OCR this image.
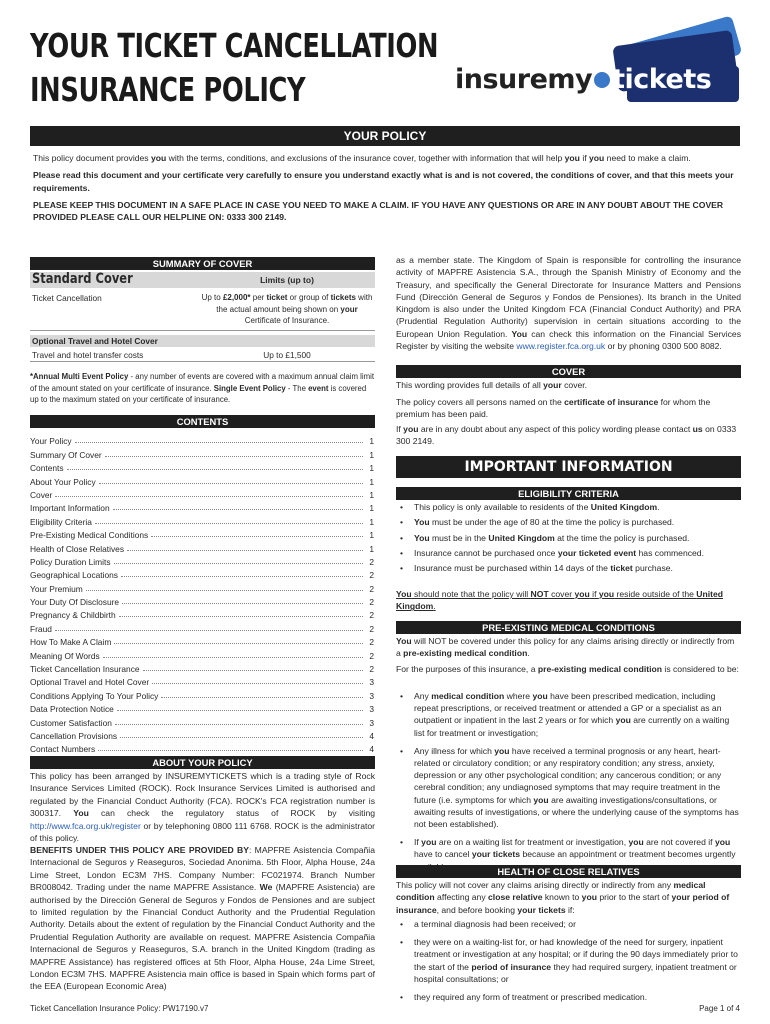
YOUR TICKET CANCELLATION
INSURANCE POLICY	insuremy tickets
YOUR POLICY
This policy document provides you with the terms, conditions, and exclusions of the insurance cover, together with information that will help you if you need to make a claim.
Please read this document and your certificate very carefully to ensure you understand exactly what is and is not covered, the conditions of cover, and that this meets your requirements.
PLEASE KEEP THIS DOCUMENT IN A SAFE PLACE IN CASE YOU NEED TO MAKE A CLAIM. IF YOU HAVE ANY QUESTIONS OR ARE IN ANY DOUBT ABOUT THE COVER PROVIDED PLEASE CALL OUR HELPLINE ON: 0333 300 2149.
SUMMARY OF COVER
Standard Cover	Limits (up to)
Ticket Cancellation	Up to £2,000* per ticket or group of tickets with the actual amount being shown on your Certificate of Insurance.
Optional Travel and Hotel Cover
Travel and hotel transfer costs	Up to £1,500
*Annual Multi Event Policy - any number of events are covered with a maximum annual claim limit of the amount stated on your certificate of insurance. Single Event Policy - The event is covered up to the maximum stated on your certificate of insurance.
CONTENTS
Your Policy	1
Summary Of Cover	1
Contents	1
About Your Policy	1
Cover	1
Important Information	1
Eligibility Criteria	1
Pre-Existing Medical Conditions	1
Health of Close Relatives	1
Policy Duration Limits	2
Geographical Locations	2
Your Premium	2
Your Duty Of Disclosure	2
Pregnancy & Childbirth	2
Fraud	2
How To Make A Claim	2
Meaning Of Words	2
Ticket Cancellation Insurance	2
Optional Travel and Hotel Cover	3
Conditions Applying To Your Policy	3
Data Protection Notice	3
Customer Satisfaction	3
Cancellation Provisions	4
Contact Numbers	4
ABOUT YOUR POLICY
This policy has been arranged by INSUREMYTICKETS which is a trading style of Rock Insurance Services Limited (ROCK). Rock Insurance Services Limited is authorised and regulated by the Financial Conduct Authority (FCA). ROCK's FCA registration number is 300317. You can check the regulatory status of ROCK by visiting http://www.fca.org.uk/register or by telephoning 0800 111 6768. ROCK is the administrator of this policy.
BENEFITS UNDER THIS POLICY ARE PROVIDED BY: MAPFRE Asistencia Compañia Internacional de Seguros y Reaseguros, Sociedad Anonima. 5th Floor, Alpha House, 24a Lime Street, London EC3M 7HS. Company Number: FC021974. Branch Number BR008042. Trading under the name MAPFRE Assistance. We (MAPFRE Asistencia) are authorised by the Dirección General de Seguros y Fondos de Pensiones and are subject to limited regulation by the Financial Conduct Authority and the Prudential Regulation Authority. Details about the extent of regulation by the Financial Conduct Authority and the Prudential Regulation Authority are available on request. MAPFRE Asistencia Compañia Internacional de Seguros y Reaseguros, S.A. branch in the United Kingdom (trading as MAPFRE Assistance) has registered offices at 5th Floor, Alpha House, 24a Lime Street, London EC3M 7HS. MAPFRE Asistencia main office is based in Spain which forms part of the EEA (European Economic Area)
as a member state. The Kingdom of Spain is responsible for controlling the insurance activity of MAPFRE Asistencia S.A., through the Spanish Ministry of Economy and the Treasury, and specifically the General Directorate for Insurance Matters and Pensions Fund (Dirección General de Seguros y Fondos de Pensiones). Its branch in the United Kingdom is also under the United Kingdom FCA (Financial Conduct Authority) and PRA (Prudential Regulation Authority) supervision in certain situations according to the European Union Regulation. You can check this information on the Financial Services Register by visiting the website www.register.fca.org.uk or by phoning 0300 500 8082.
COVER
This wording provides full details of all your cover.
The policy covers all persons named on the certificate of insurance for whom the premium has been paid.
If you are in any doubt about any aspect of this policy wording please contact us on 0333 300 2149.
IMPORTANT INFORMATION
ELIGIBILITY CRITERIA
• This policy is only available to residents of the United Kingdom.
• You must be under the age of 80 at the time the policy is purchased.
• You must be in the United Kingdom at the time the policy is purchased.
• Insurance cannot be purchased once your ticketed event has commenced.
• Insurance must be purchased within 14 days of the ticket purchase.
You should note that the policy will NOT cover you if you reside outside of the United Kingdom.
PRE-EXISTING MEDICAL CONDITIONS
You will NOT be covered under this policy for any claims arising directly or indirectly from a pre-existing medical condition.
For the purposes of this insurance, a pre-existing medical condition is considered to be:
• Any medical condition where you have been prescribed medication, including repeat prescriptions, or received treatment or attended a GP or a specialist as an outpatient or inpatient in the last 2 years or for which you are currently on a waiting list for treatment or investigation;
• Any illness for which you have received a terminal prognosis or any heart, heart-related or circulatory condition; or any respiratory condition; any stress, anxiety, depression or any other psychological condition; any cancerous condition; or any cerebral condition; any undiagnosed symptoms that may require treatment in the future (i.e. symptoms for which you are awaiting investigations/consultations, or awaiting results of investigations, or where the underlying cause of the symptoms has not been established).
• If you are on a waiting list for treatment or investigation, you are not covered if you have to cancel your tickets because an appointment or treatment becomes urgently
HEALTH OF CLOSE RELATIVES
This policy will not cover any claims arising directly or indirectly from any medical condition affecting any close relative known to you prior to the start of your period of insurance, and before booking your tickets if:
• a terminal diagnosis had been received; or
• they were on a waiting-list for, or had knowledge of the need for surgery, inpatient treatment or investigation at any hospital; or if during the 90 days immediately prior to the start of the period of insurance they had required surgery, inpatient treatment or hospital consultations; or
• they required any form of treatment or prescribed medication.
Ticket Cancellation Insurance Policy: PW17190.v7	Page 1 of 4
